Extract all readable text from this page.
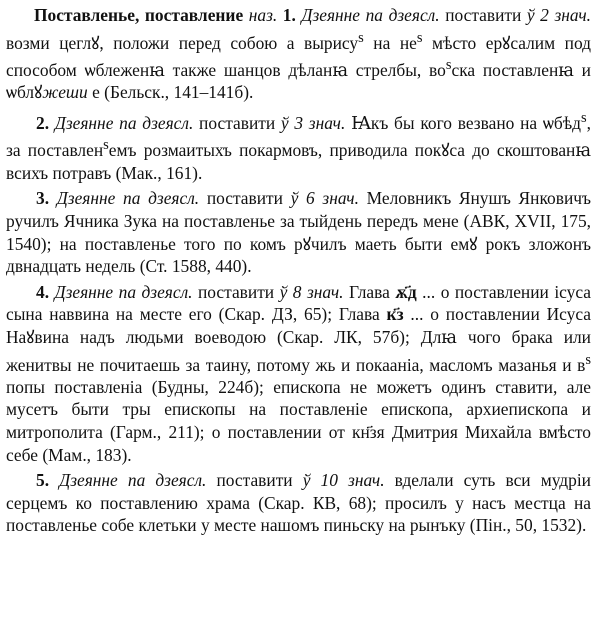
Поставленье, поставление наз. 1. Дзеянне па дзеясл. поставити ў 2 знач. возми цеглꙋ, положи перед собою а вырису$^s$ на $не^s$ мѣсто ерꙋсалим под способом ѡблеженꙗ также шанцов дѣланꙗ стрелбы, $во^sска$ поставленꙗ и ѡблꙋжеши е (Бельск., 141–141б).

2. Дзеянне па дзеясл. поставити ў 3 знач. Ꙗкъ бы кого везвано на ѡбѣд$^s$, за поставлен$^s$емъ розмаитыхъ покармовъ, приводила покꙋса до скоштованꙗ всихъ потравъ (Мак., 161).

3. Дзеянне па дзеясл. поставити ў 6 знач. Меловникъ Янушъ Янковичъ ручилъ Ячника Зука на поставленье за тыйдень передъ мене (АВК, XVII, 175, 1540); на поставленье того по комъ рꙋчилъ маеть быти емꙋ рокъ зложонъ двнадцать недель (Ст. 1588, 440).

4. Дзеянне па дзеясл. поставити ў 8 знач. Глава ѫ҃д ... о поставлении iсуса сына наввина на месте его (Скар. ДЗ, 65); Глава к҃з ... о поставлении Исуса Наꙋвина надъ людьми воеводою (Скар. ЛК, 57б); Длꙗ чого брака или женитвы не почитаешь за таину, потому жь и покаанiа, масломъ мазанья и $в^s$ попы поставленiа (Будны, 224б); епископа не можетъ одинъ ставити, але мусетъ быти тры епископы на поставленiе епископа, архиепископа и митрополита (Гарм., 211); о поставлении от кн҃зя Дмитрия Михайла вмѣсто себе (Мам., 183).

5. Дзеянне па дзеясл. поставити ў 10 знач. вделали суть вси мудрiи серцемъ ко поставлению храма (Скар. КВ, 68); просилъ у насъ местца на поставленье собе клетьки у месте нашомъ пиньску на рынъку (Пін., 50, 1532).
